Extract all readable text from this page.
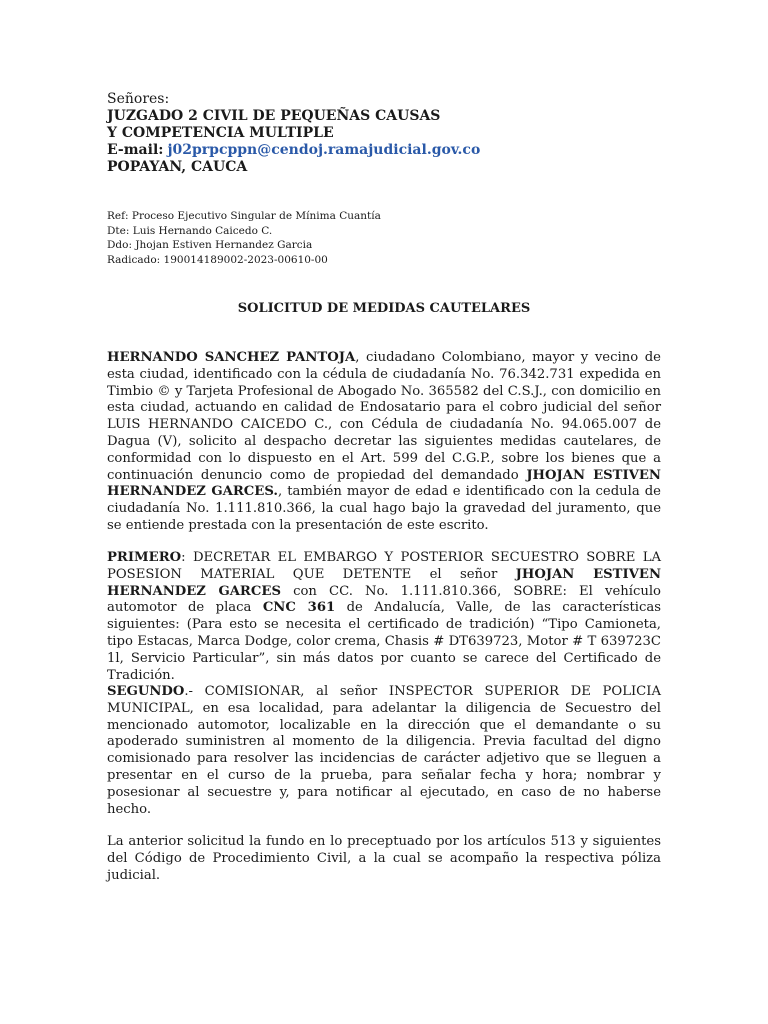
Señores:
JUZGADO 2 CIVIL DE PEQUEÑAS CAUSAS
Y COMPETENCIA MULTIPLE
E-mail: j02prpcppn@cendoj.ramajudicial.gov.co
POPAYAN, CAUCA
Ref: Proceso Ejecutivo Singular de Mínima Cuantía
Dte: Luis Hernando Caicedo C.
Ddo: Jhojan Estiven Hernandez Garcia
Radicado: 190014189002-2023-00610-00
SOLICITUD DE MEDIDAS CAUTELARES
HERNANDO SANCHEZ PANTOJA, ciudadano Colombiano, mayor y vecino de esta ciudad, identificado con la cédula de ciudadanía No. 76.342.731 expedida en Timbio © y Tarjeta Profesional de Abogado No. 365582 del C.S.J., con domicilio en esta ciudad, actuando en calidad de Endosatario para el cobro judicial del señor LUIS HERNANDO CAICEDO C., con Cédula de ciudadanía No. 94.065.007 de Dagua (V), solicito al despacho decretar las siguientes medidas cautelares, de conformidad con lo dispuesto en el Art. 599 del C.G.P., sobre los bienes que a continuación denuncio como de propiedad del demandado JHOJAN ESTIVEN HERNANDEZ GARCES., también mayor de edad e identificado con la cedula de ciudadanía No. 1.111.810.366, la cual hago bajo la gravedad del juramento, que se entiende prestada con la presentación de este escrito.
PRIMERO: DECRETAR EL EMBARGO Y POSTERIOR SECUESTRO SOBRE LA POSESION MATERIAL QUE DETENTE el señor JHOJAN ESTIVEN HERNANDEZ GARCES con CC. No. 1.111.810.366, SOBRE: El vehículo automotor de placa CNC 361 de Andalucía, Valle, de las características siguientes: (Para esto se necesita el certificado de tradición) “Tipo Camioneta, tipo Estacas, Marca Dodge, color crema, Chasis # DT639723, Motor # T 639723C 1l, Servicio Particular”, sin más datos por cuanto se carece del Certificado de Tradición.
SEGUNDO.- COMISIONAR, al señor INSPECTOR SUPERIOR DE POLICIA MUNICIPAL, en esa localidad, para adelantar la diligencia de Secuestro del mencionado automotor, localizable en la dirección que el demandante o su apoderado suministren al momento de la diligencia. Previa facultad del digno comisionado para resolver las incidencias de carácter adjetivo que se lleguen a presentar en el curso de la prueba, para señalar fecha y hora; nombrar y posesionar al secuestre y, para notificar al ejecutado, en caso de no haberse hecho.
La anterior solicitud la fundo en lo preceptuado por los artículos 513 y siguientes del Código de Procedimiento Civil, a la cual se acompaño la respectiva póliza judicial.
